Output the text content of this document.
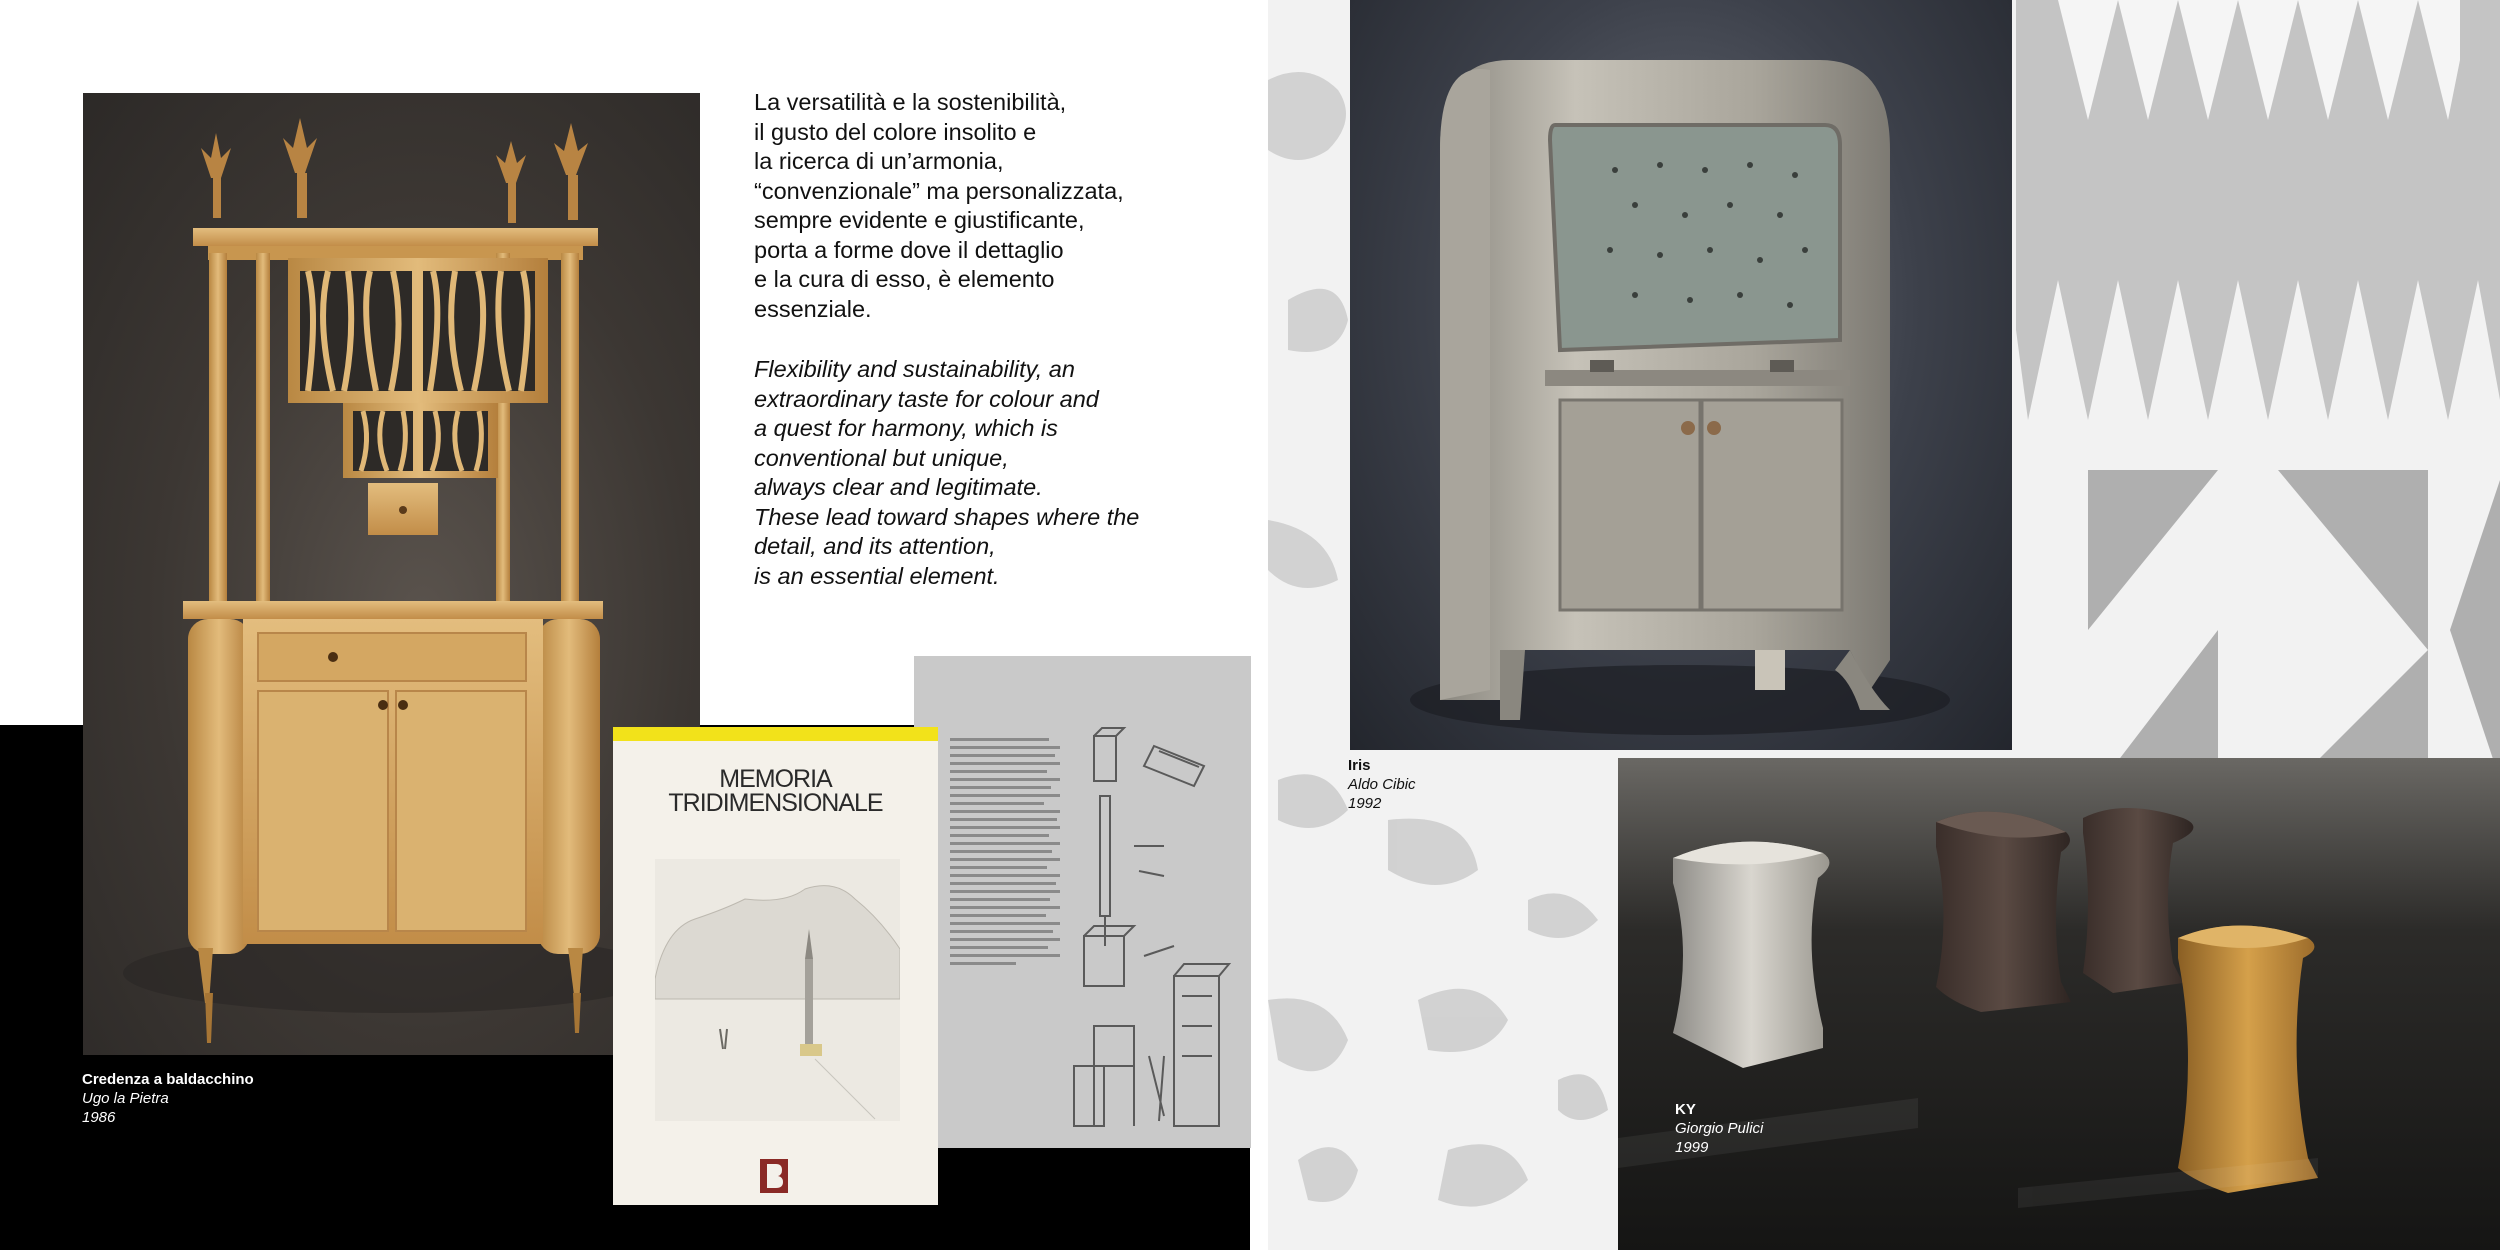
Credenza a baldacchino
Ugo la Pietra
1986
La versatilità e la sostenibilità,
il gusto del colore insolito e
la ricerca di un’armonia,
“convenzionale” ma personalizzata,
sempre evidente e giustificante,
porta a forme dove il dettaglio
e la cura di esso, è elemento
essenziale.
Flexibility and sustainability, an
extraordinary taste for colour and
a quest for harmony, which is
conventional but unique,
always clear and legitimate.
These lead toward shapes where the
detail, and its attention,
is an essential element.
MEMORIA
TRIDIMENSIONALE
Iris
Aldo Cibic
1992
KY
Giorgio Pulici
1999
